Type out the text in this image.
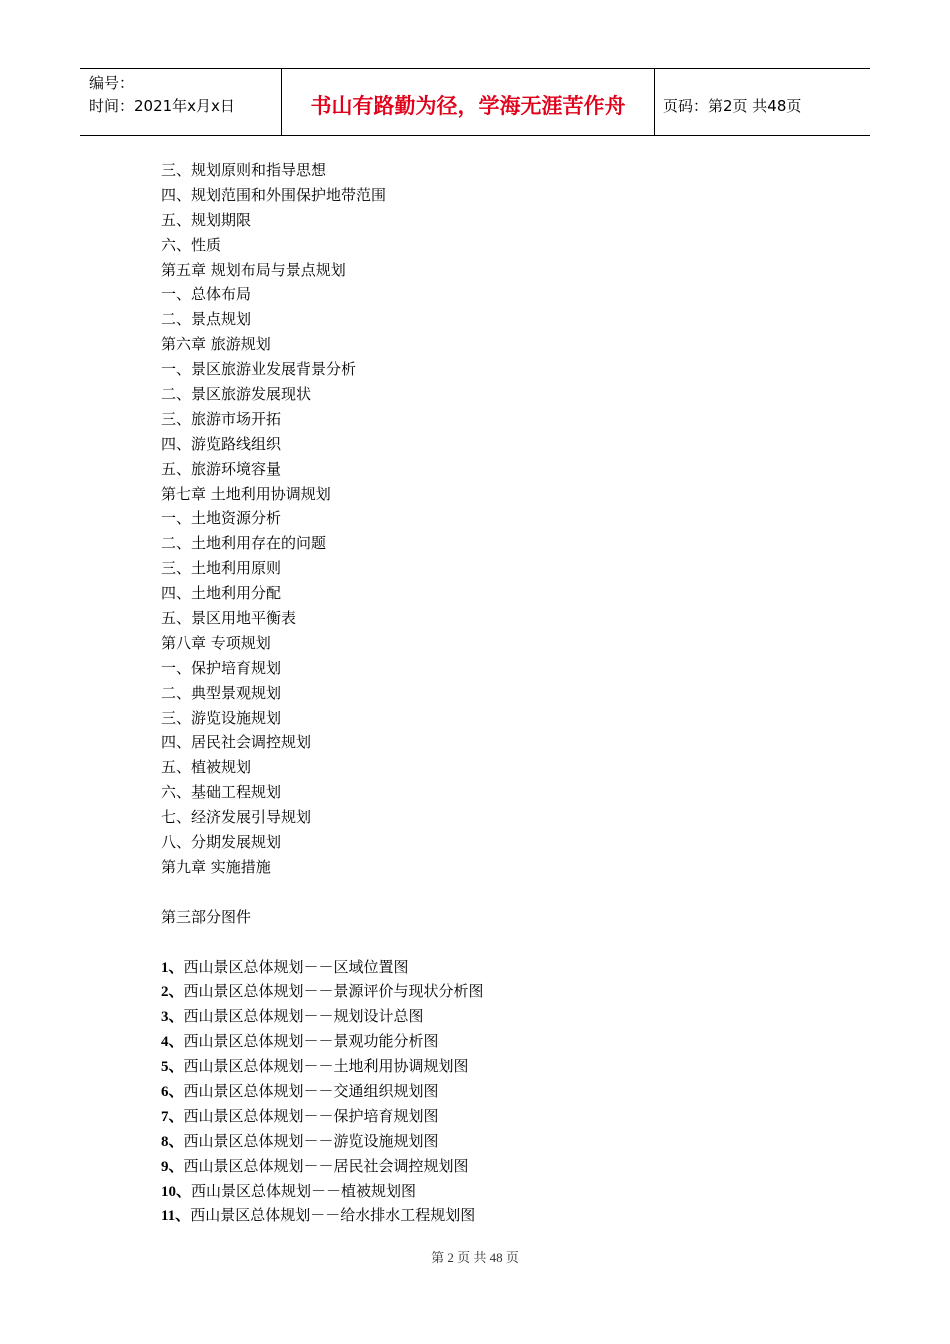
编号：
时间：2021年x月x日	书山有路勤为径，学海无涯苦作舟	页码：第2页 共48页
三、规划原则和指导思想
四、规划范围和外围保护地带范围
五、规划期限
六、性质
第五章 规划布局与景点规划
一、总体布局
二、景点规划
第六章 旅游规划
一、景区旅游业发展背景分析
二、景区旅游发展现状
三、旅游市场开拓
四、游览路线组织
五、旅游环境容量
第七章 土地利用协调规划
一、土地资源分析
二、土地利用存在的问题
三、土地利用原则
四、土地利用分配
五、景区用地平衡表
第八章 专项规划
一、保护培育规划
二、典型景观规划
三、游览设施规划
四、居民社会调控规划
五、植被规划
六、基础工程规划
七、经济发展引导规划
八、分期发展规划
第九章 实施措施
第三部分图件
1、西山景区总体规划－－区域位置图
2、西山景区总体规划－－景源评价与现状分析图
3、西山景区总体规划－－规划设计总图
4、西山景区总体规划－－景观功能分析图
5、西山景区总体规划－－土地利用协调规划图
6、西山景区总体规划－－交通组织规划图
7、西山景区总体规划－－保护培育规划图
8、西山景区总体规划－－游览设施规划图
9、西山景区总体规划－－居民社会调控规划图
10、西山景区总体规划－－植被规划图
11、西山景区总体规划－－给水排水工程规划图
第 2 页 共 48 页
